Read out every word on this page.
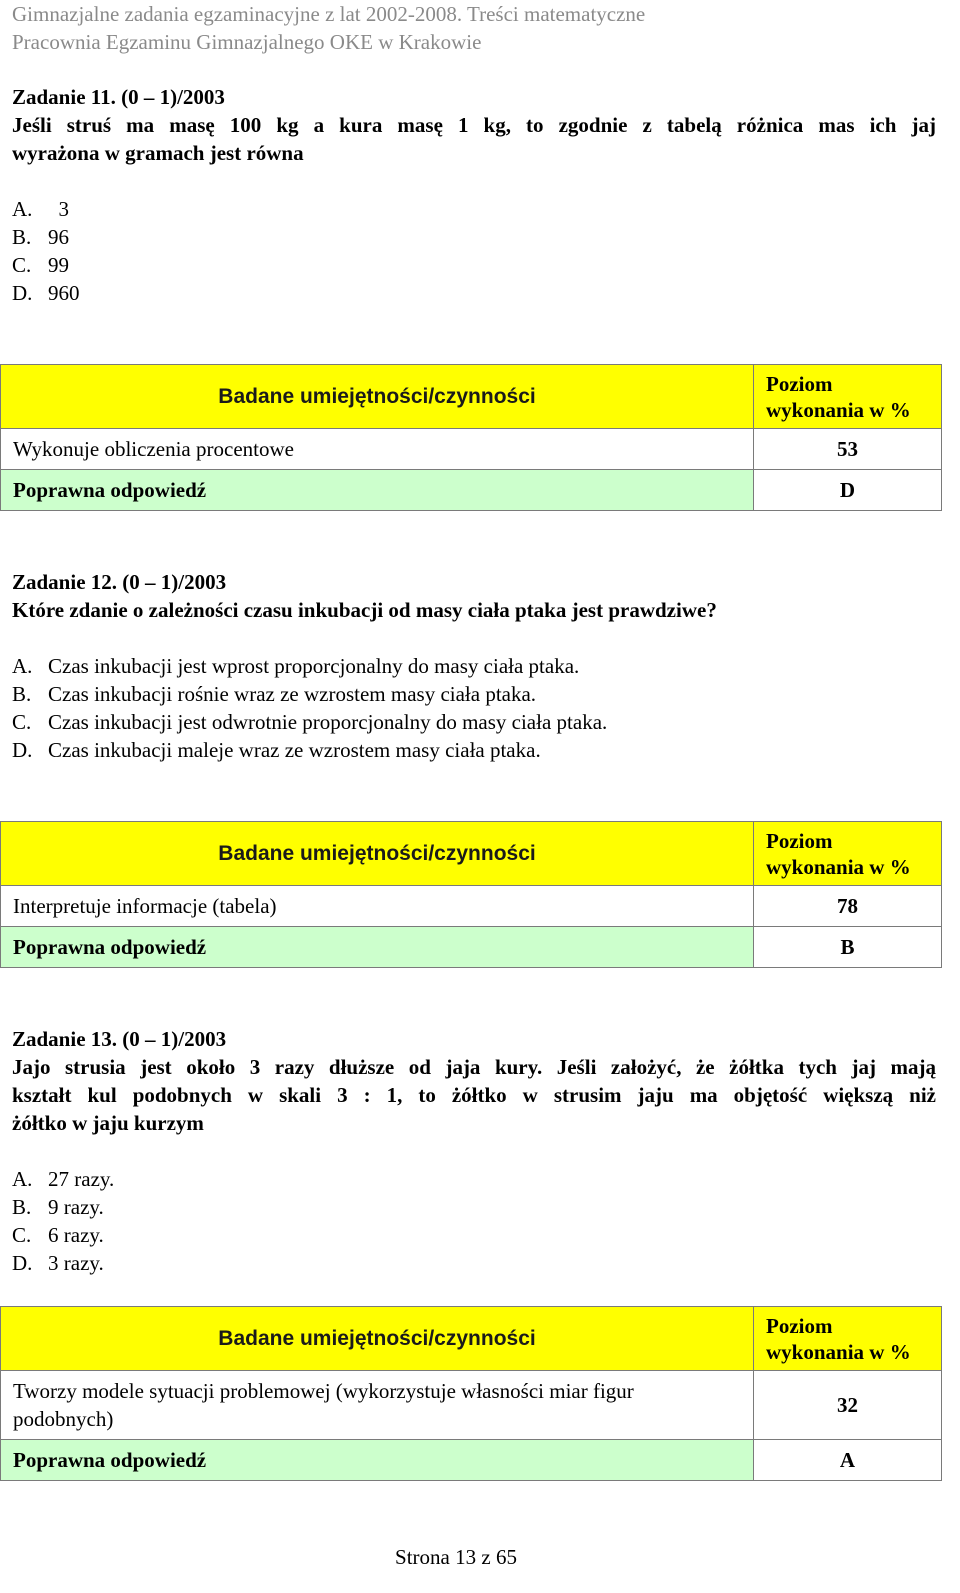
Gimnazjalne zadania egzaminacyjne z lat 2002-2008. Treści matematyczne
Pracownia Egzaminu Gimnazjalnego OKE w Krakowie
Zadanie 11. (0 – 1)/2003
Jeśli struś ma masę 100 kg a kura masę 1 kg, to zgodnie z tabelą różnica mas ich jaj
wyrażona w gramach jest równa
A.  3
B. 96
C. 99
D. 960
Badane umiejętności/czynności	Poziom
wykonania w %
Wykonuje obliczenia procentowe	53
Poprawna odpowiedź	D
Zadanie 12. (0 – 1)/2003
Które zdanie o zależności czasu inkubacji od masy ciała ptaka jest prawdziwe?
A. Czas inkubacji jest wprost proporcjonalny do masy ciała ptaka.
B. Czas inkubacji rośnie wraz ze wzrostem masy ciała ptaka.
C. Czas inkubacji jest odwrotnie proporcjonalny do masy ciała ptaka.
D. Czas inkubacji maleje wraz ze wzrostem masy ciała ptaka.
Badane umiejętności/czynności	Poziom
wykonania w %
Interpretuje informacje (tabela)	78
Poprawna odpowiedź	B
Zadanie 13. (0 – 1)/2003
Jajo strusia jest około 3 razy dłuższe od jaja kury. Jeśli założyć, że żółtka tych jaj mają
kształt kul podobnych w skali 3 : 1, to żółtko w strusim jaju ma objętość większą niż
żółtko w jaju kurzym
A. 27 razy.
B. 9 razy.
C. 6 razy.
D. 3 razy.
Badane umiejętności/czynności	Poziom
wykonania w %
Tworzy modele sytuacji problemowej (wykorzystuje własności miar figur
podobnych)	32
Poprawna odpowiedź	A
Strona 13 z 65
